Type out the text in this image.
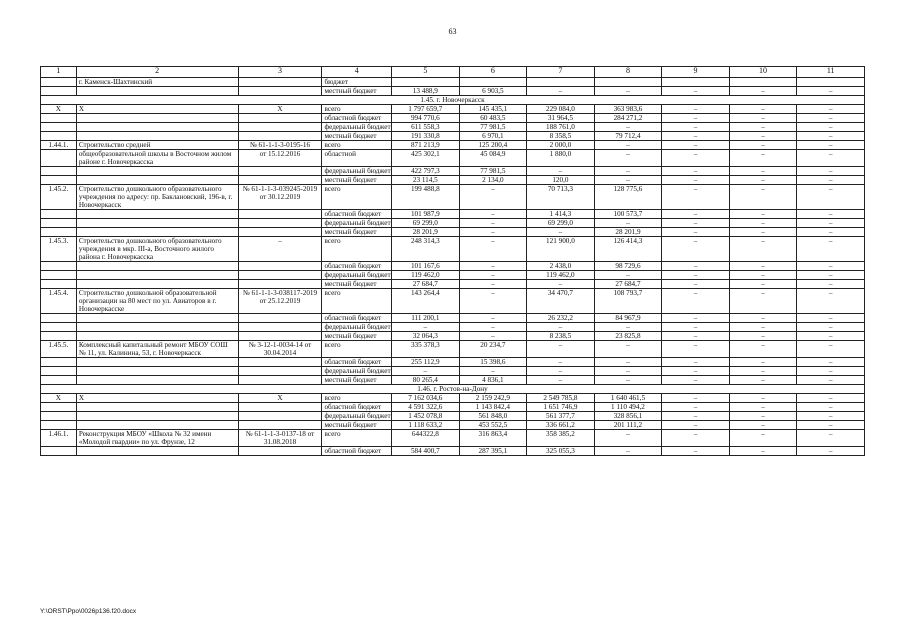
63
1	2	3	4	5	6	7	8	9	10	11
	г. Каменск-Шахтинский		бюджет							
			местный бюджет	13 488,9	6 903,5	–	–	–	–	–
1.45. г. Новочеркасск										
Х	Х	Х	всего	1 797 659,7	145 435,1	229 084,0	363 983,6	–	–	–
			областной бюджет	994 770,6	60 483,5	31 964,5	284 271,2	–	–	–
			федеральный бюджет	611 558,3	77 981,5	188 761,0	–	–	–	–
			местный бюджет	191 330,8	6 970,1	8 358,5	79 712,4	–	–	–
1.44.1.	Строительство средней	№ 61-1-1-3-0195-16	всего	871 213,9	125 200,4	2 000,0	–	–	–	–
	общеобразовательной школы в Восточном жилом районе г. Новочеркасска	от 15.12.2016	областной	425 302,1	45 084,9	1 880,0	–	–	–	–
			федеральный бюджет	422 797,3	77 981,5	–	–	–	–	–
			местный бюджет	23 114,5	2 134,0	120,0	–	–	–	–
1.45.2.	Строительство дошкольного образовательного учреждения по адресу: пр. Баклановский, 196-в, г. Новочеркасск	№ 61-1-1-3-039245-2019 от 30.12.2019	всего	199 488,8	–	70 713,3	128 775,6	–	–	–
			областной бюджет	101 987,9	–	1 414,3	100 573,7	–	–	–
			федеральный бюджет	69 299,0	–	69 299,0	–	–	–	–
			местный бюджет	28 201,9	–	–	28 201,9	–	–	–
1.45.3.	Строительство дошкольного образовательного учреждения в мкр. III-а, Восточного жилого района г. Новочеркасска	–	всего	248 314,3	–	121 900,0	126 414,3	–	–	–
			областной бюджет	101 167,6	–	2 438,0	98 729,6	–	–	–
			федеральный бюджет	119 462,0	–	119 462,0	–	–	–	–
			местный бюджет	27 684,7	–	–	27 684,7	–	–	–
1.45.4.	Строительство дошкольной образовательной организации на 80 мест по ул. Авиаторов в г. Новочеркасске	№ 61-1-1-3-038117-2019 от 25.12.2019	всего	143 264,4	–	34 470,7	108 793,7	–	–	–
			областной бюджет	111 200,1	–	26 232,2	84 967,9	–	–	–
			федеральный бюджет	–	–	–	–	–	–	–
			местный бюджет	32 064,3	–	8 238,5	23 825,8	–	–	–
1.45.5.	Комплексный капитальный ремонт МБОУ СОШ № 11, ул. Калинина, 53, г. Новочеркасск	№ 3-12-1-0034-14 от 30.04.2014	всего	335 378,3	20 234,7	–	–	–	–	–
			областной бюджет	255 112,9	15 398,6	–	–	–	–	–
			федеральный бюджет	–	–	–	–	–	–	–
			местный бюджет	80 265,4	4 836,1	–	–	–	–	–
1.46. г. Ростов-на-Дону										
Х	Х	Х	всего	7 162 034,6	2 159 242,9	2 549 785,8	1 640 461,5	–	–	–
			областной бюджет	4 591 322,6	1 143 842,4	1 651 746,9	1 110 494,2	–	–	–
			федеральный бюджет	1 452 078,8	561 848,0	561 377,7	328 856,1	–	–	–
			местный бюджет	1 118 633,2	453 552,5	336 661,2	201 111,2	–	–	–
1.46.1.	Реконструкция МБОУ «Школа № 32 имени «Молодой гвардии» по ул. Фрунзе, 12	№ 61-1-1-3-0137-18 от 31.08.2018	всего	644322,8	316 863,4	358 385,2	–	–	–	–
			областной бюджет	584 400,7	287 395,1	325 055,3	–	–	–	–
Y:\ORST\Ppo\0026p136.f20.docx
